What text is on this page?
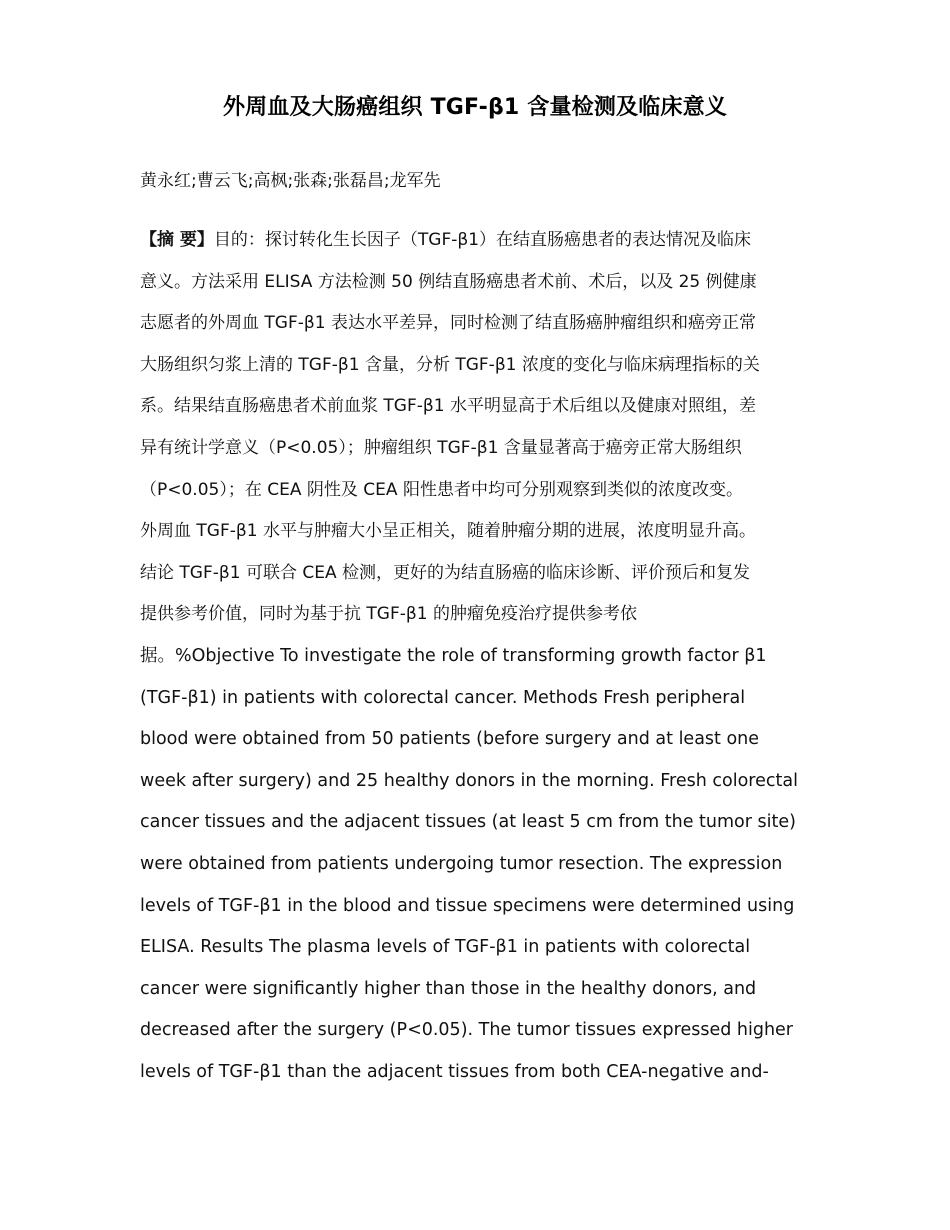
外周血及大肠癌组织 TGF-β1 含量检测及临床意义
黄永红;曹云飞;高枫;张森;张磊昌;龙军先
【摘 要】目的：探讨转化生长因子（TGF-β1）在结直肠癌患者的表达情况及临床
意义。方法采用 ELISA 方法检测 50 例结直肠癌患者术前、术后，以及 25 例健康
志愿者的外周血 TGF-β1 表达水平差异，同时检测了结直肠癌肿瘤组织和癌旁正常
大肠组织匀浆上清的 TGF-β1 含量，分析 TGF-β1 浓度的变化与临床病理指标的关
系。结果结直肠癌患者术前血浆 TGF-β1 水平明显高于术后组以及健康对照组，差
异有统计学意义（P<0.05）；肿瘤组织 TGF-β1 含量显著高于癌旁正常大肠组织
（P<0.05）；在 CEA 阴性及 CEA 阳性患者中均可分别观察到类似的浓度改变。
外周血 TGF-β1 水平与肿瘤大小呈正相关，随着肿瘤分期的进展，浓度明显升高。
结论 TGF-β1 可联合 CEA 检测，更好的为结直肠癌的临床诊断、评价预后和复发
提供参考价值，同时为基于抗 TGF-β1 的肿瘤免疫治疗提供参考依
据。%Objective To investigate the role of transforming growth factor β1
(TGF-β1) in patients with colorectal cancer. Methods Fresh peripheral
blood were obtained from 50 patients (before surgery and at least one
week after surgery) and 25 healthy donors in the morning. Fresh colorectal
cancer tissues and the adjacent tissues (at least 5 cm from the tumor site)
were obtained from patients undergoing tumor resection. The expression
levels of TGF-β1 in the blood and tissue specimens were determined using
ELISA. Results The plasma levels of TGF-β1 in patients with colorectal
cancer were significantly higher than those in the healthy donors, and
decreased after the surgery (P<0.05). The tumor tissues expressed higher
levels of TGF-β1 than the adjacent tissues from both CEA-negative and-
